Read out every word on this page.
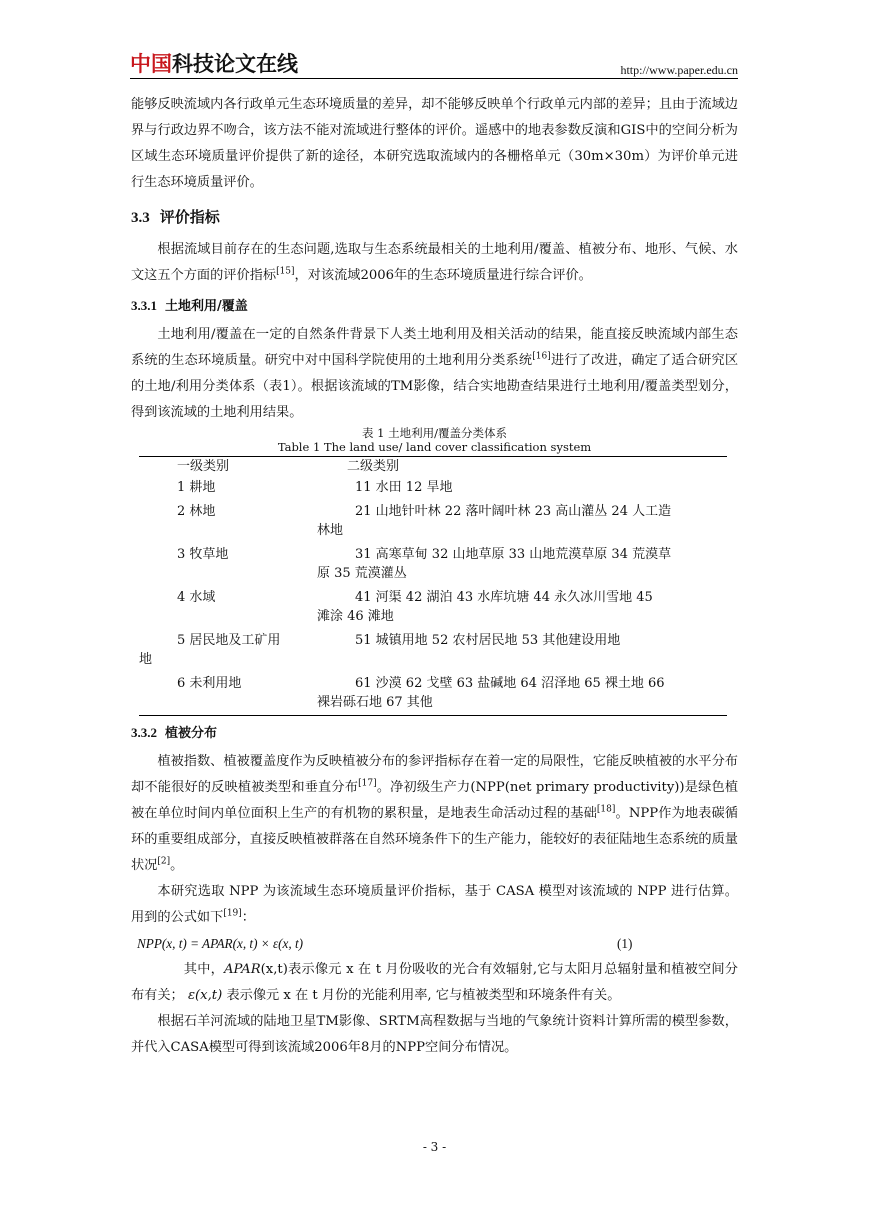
中国科技论文在线	http://www.paper.edu.cn

能够反映流域内各行政单元生态环境质量的差异，却不能够反映单个行政单元内部的差异；且由于流域边界与行政边界不吻合，该方法不能对流域进行整体的评价。遥感中的地表参数反演和GIS中的空间分析为区域生态环境质量评价提供了新的途径，本研究选取流域内的各栅格单元（30m×30m）为评价单元进行生态环境质量评价。

3.3 评价指标

根据流域目前存在的生态问题,选取与生态系统最相关的土地利用/覆盖、植被分布、地形、气候、水文这五个方面的评价指标[15]，对该流域2006年的生态环境质量进行综合评价。

3.3.1 土地利用/覆盖

土地利用/覆盖在一定的自然条件背景下人类土地利用及相关活动的结果，能直接反映流域内部生态系统的生态环境质量。研究中对中国科学院使用的土地利用分类系统[16]进行了改进，确定了适合研究区的土地/利用分类体系（表1）。根据该流域的TM影像，结合实地勘查结果进行土地利用/覆盖类型划分，得到该流域的土地利用结果。

表 1 土地利用/覆盖分类体系
Table 1 The land use/ land cover classification system
一级类别	二级类别

1 耕地	11 水田 12 旱地

2 林地	21 山地针叶林 22 落叶阔叶林 23 高山灌丛 24 人工造
林地

3 牧草地	31 高寒草甸 32 山地草原 33 山地荒漠草原 34 荒漠草
原 35 荒漠灌丛

4 水域	41 河渠 42 湖泊 43 水库坑塘 44 永久冰川雪地 45
滩涂 46 滩地

5 居民地及工矿用
地	51 城镇用地 52 农村居民地 53 其他建设用地

6 未利用地	61 沙漠 62 戈壁 63 盐碱地 64 沼泽地 65 裸土地 66
裸岩砾石地 67 其他
3.3.2 植被分布

植被指数、植被覆盖度作为反映植被分布的参评指标存在着一定的局限性，它能反映植被的水平分布却不能很好的反映植被类型和垂直分布[17]。净初级生产力(NPP(net primary productivity))是绿色植被在单位时间内单位面积上生产的有机物的累积量，是地表生命活动过程的基础[18]。NPP作为地表碳循环的重要组成部分，直接反映植被群落在自然环境条件下的生产能力，能较好的表征陆地生态系统的质量状况[2]。

本研究选取 NPP 为该流域生态环境质量评价指标，基于 CASA 模型对该流域的 NPP 进行估算。用到的公式如下[19]：

NPP(x, t) = APAR(x, t) × ε(x, t)	(1)

其中，APAR(x,t)表示像元 x 在 t 月份吸收的光合有效辐射,它与太阳月总辐射量和植被空间分布有关； ε(x,t) 表示像元 x 在 t 月份的光能利用率, 它与植被类型和环境条件有关。

根据石羊河流域的陆地卫星TM影像、SRTM高程数据与当地的气象统计资料计算所需的模型参数，并代入CASA模型可得到该流域2006年8月的NPP空间分布情况。

- 3 -
